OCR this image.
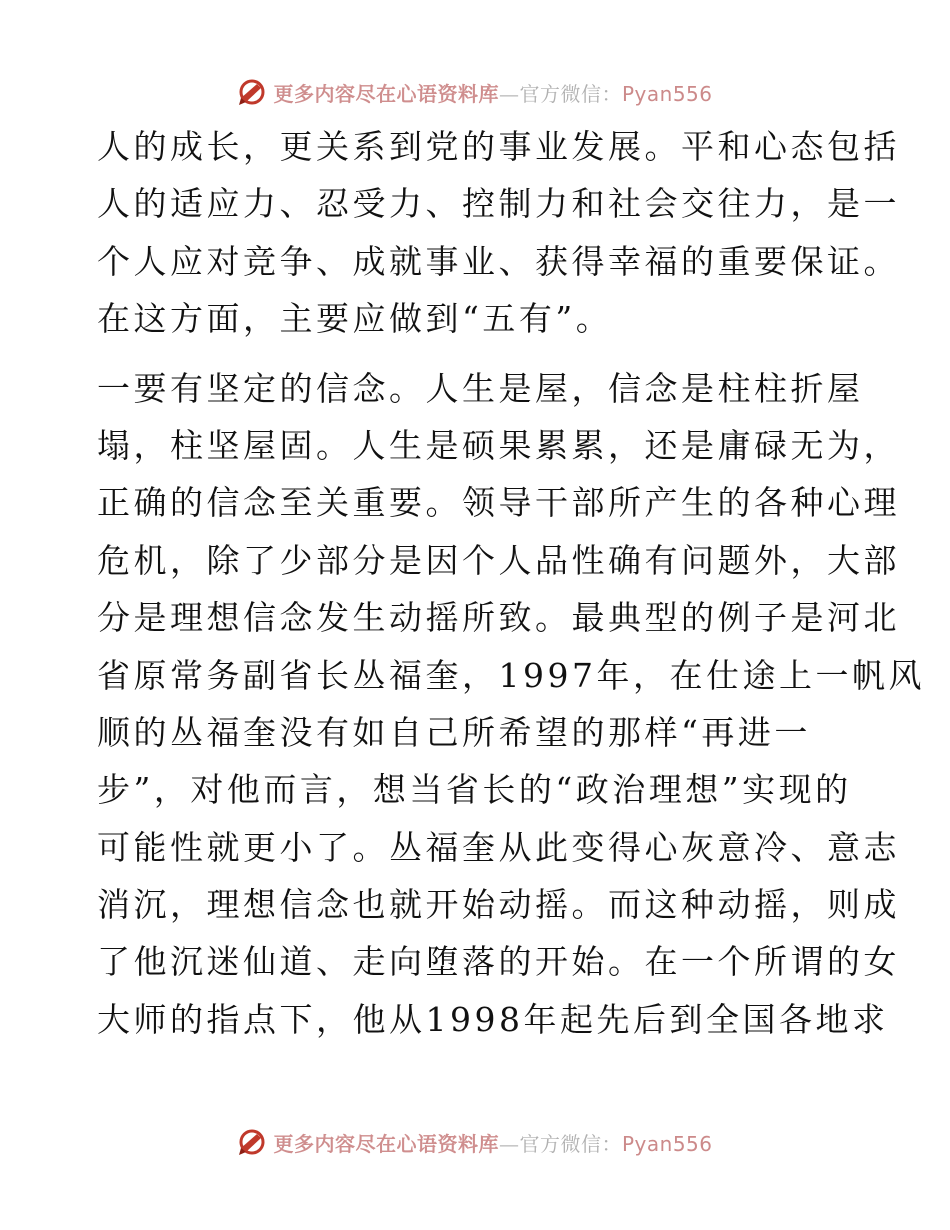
更多内容尽在心语资料库—官方微信：Pyan556
人的成长，更关系到党的事业发展。平和心态包括
人的适应力、忍受力、控制力和社会交往力，是一
个人应对竞争、成就事业、获得幸福的重要保证。
在这方面，主要应做到“五有”。
一要有坚定的信念。人生是屋，信念是柱柱折屋
塌，柱坚屋固。人生是硕果累累，还是庸碌无为，
正确的信念至关重要。领导干部所产生的各种心理
危机，除了少部分是因个人品性确有问题外，大部
分是理想信念发生动摇所致。最典型的例子是河北
省原常务副省长丛福奎，1997年，在仕途上一帆风
顺的丛福奎没有如自己所希望的那样“再进一
步”，对他而言，想当省长的“政治理想”实现的
可能性就更小了。丛福奎从此变得心灰意冷、意志
消沉，理想信念也就开始动摇。而这种动摇，则成
了他沉迷仙道、走向堕落的开始。在一个所谓的女
大师的指点下，他从1998年起先后到全国各地求
更多内容尽在心语资料库—官方微信：Pyan556
